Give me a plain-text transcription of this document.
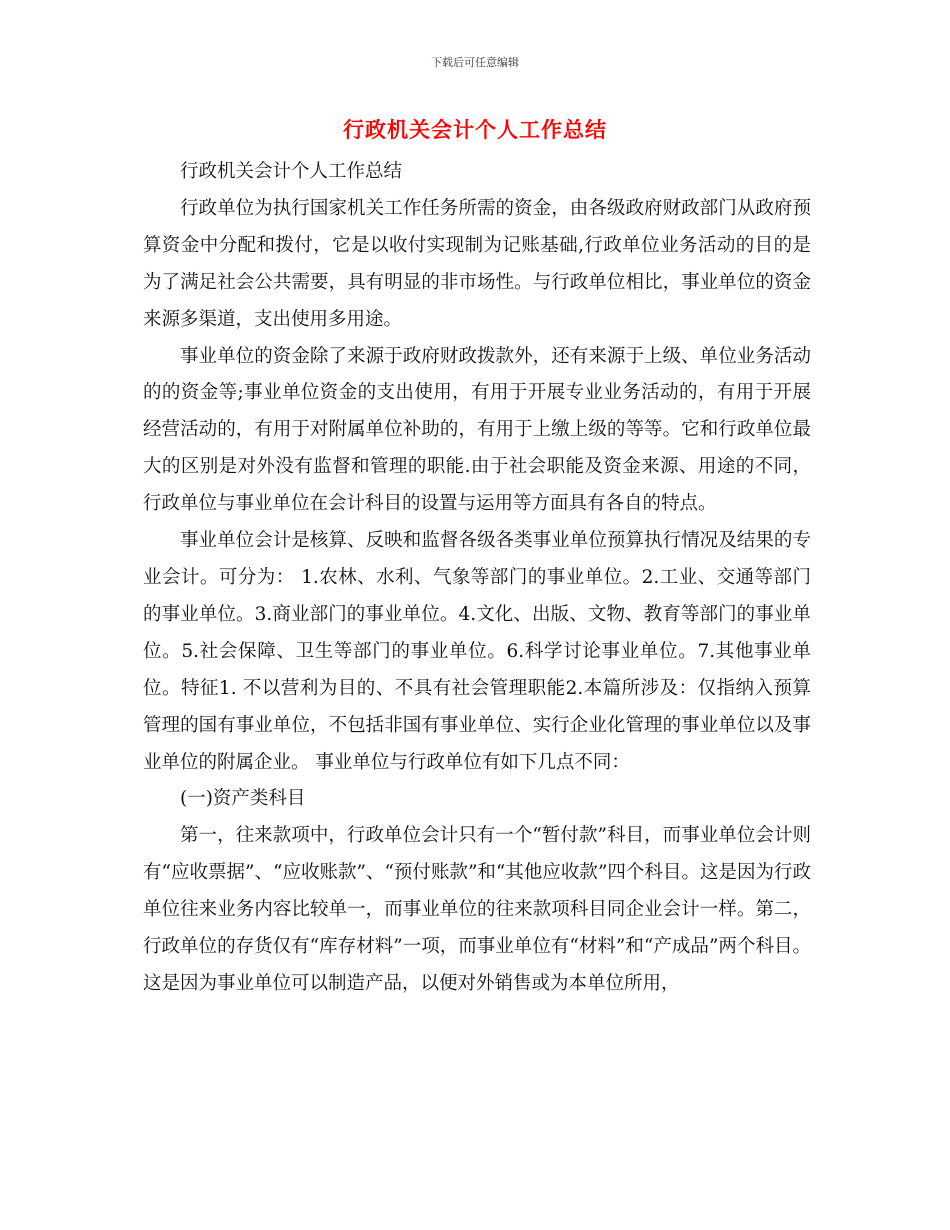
下载后可任意编辑
行政机关会计个人工作总结

行政机关会计个人工作总结

行政单位为执行国家机关工作任务所需的资金，由各级政府财政部门从政府预算资金中分配和拨付，它是以收付实现制为记账基础,行政单位业务活动的目的是为了满足社会公共需要，具有明显的非市场性。与行政单位相比，事业单位的资金来源多渠道，支出使用多用途。

事业单位的资金除了来源于政府财政拨款外，还有来源于上级、单位业务活动的的资金等;事业单位资金的支出使用，有用于开展专业业务活动的，有用于开展经营活动的，有用于对附属单位补助的，有用于上缴上级的等等。它和行政单位最大的区别是对外没有监督和管理的职能.由于社会职能及资金来源、用途的不同，行政单位与事业单位在会计科目的设置与运用等方面具有各自的特点。

事业单位会计是核算、反映和监督各级各类事业单位预算执行情况及结果的专业会计。可分为： 1.农林、水利、气象等部门的事业单位。2.工业、交通等部门的事业单位。3.商业部门的事业单位。4.文化、出版、文物、教育等部门的事业单位。5.社会保障、卫生等部门的事业单位。6.科学讨论事业单位。7.其他事业单位。特征1. 不以营利为目的、不具有社会管理职能2.本篇所涉及：仅指纳入预算管理的国有事业单位，不包括非国有事业单位、实行企业化管理的事业单位以及事业单位的附属企业。 事业单位与行政单位有如下几点不同：

(一)资产类科目

第一，往来款项中，行政单位会计只有一个“暂付款”科目，而事业单位会计则有“应收票据”、“应收账款”、“预付账款”和“其他应收款”四个科目。这是因为行政单位往来业务内容比较单一，而事业单位的往来款项科目同企业会计一样。第二，行政单位的存货仅有“库存材料”一项，而事业单位有“材料”和“产成品”两个科目。这是因为事业单位可以制造产品，以便对外销售或为本单位所用，
